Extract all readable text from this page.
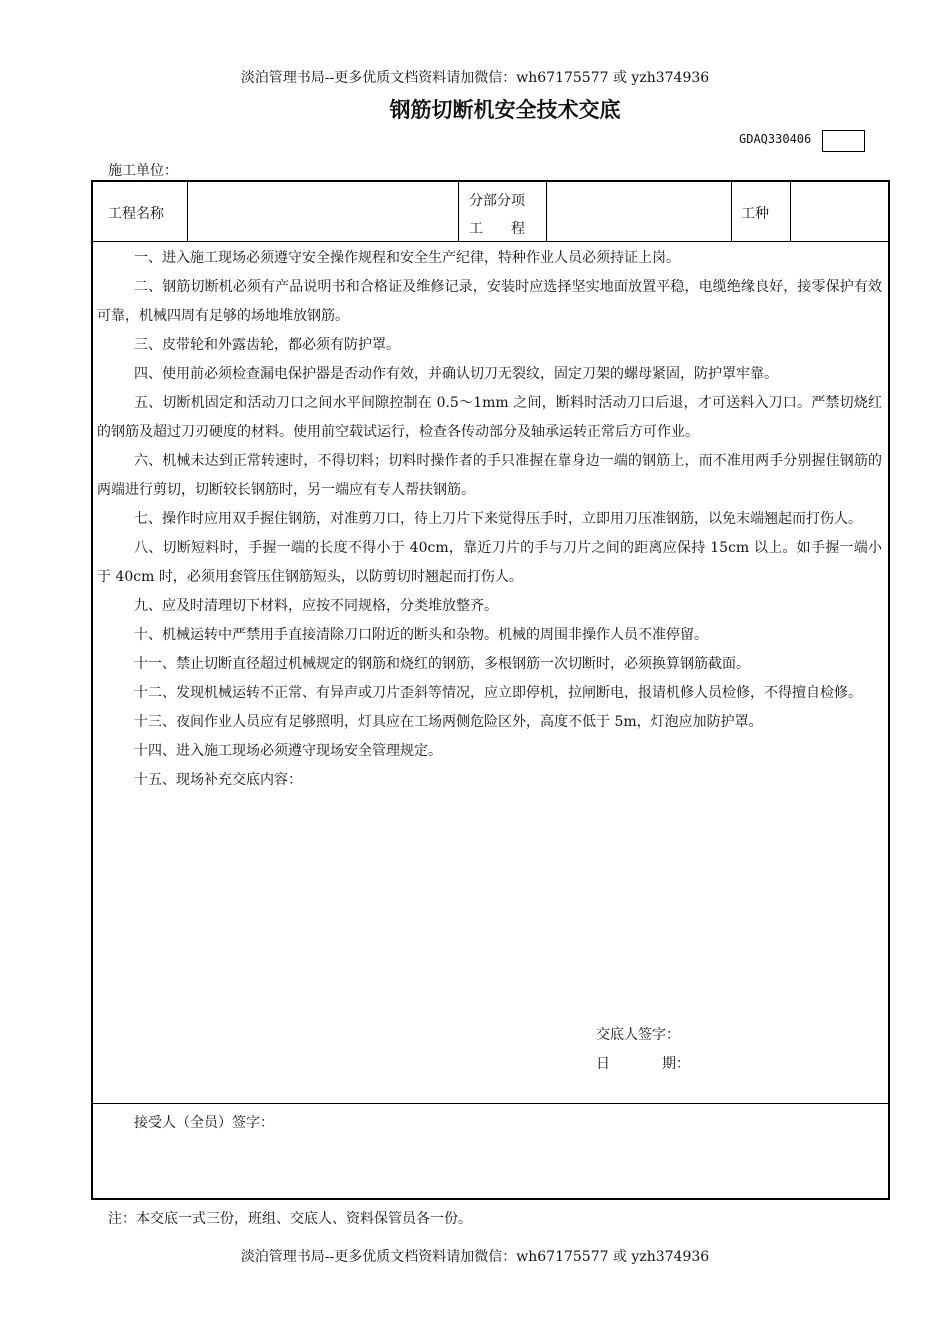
淡泊管理书局--更多优质文档资料请加微信：wh67175577 或 yzh374936
钢筋切断机安全技术交底
GDAQ330406
施工单位：
工程名称
分部分项
工　　程
工种

一、进入施工现场必须遵守安全操作规程和安全生产纪律，特种作业人员必须持证上岗。

二、钢筋切断机必须有产品说明书和合格证及维修记录，安装时应选择坚实地面放置平稳，电缆绝缘良好，接零保护有效可靠，机械四周有足够的场地堆放钢筋。

三、皮带轮和外露齿轮，都必须有防护罩。

四、使用前必须检查漏电保护器是否动作有效，并确认切刀无裂纹，固定刀架的螺母紧固，防护罩牢靠。

五、切断机固定和活动刀口之间水平间隙控制在 0.5～1mm 之间，断料时活动刀口后退，才可送料入刀口。严禁切烧红的钢筋及超过刀刃硬度的材料。使用前空载试运行，检查各传动部分及轴承运转正常后方可作业。

六、机械未达到正常转速时，不得切料；切料时操作者的手只准握在靠身边一端的钢筋上，而不准用两手分别握住钢筋的两端进行剪切，切断较长钢筋时，另一端应有专人帮扶钢筋。

七、操作时应用双手握住钢筋，对准剪刀口，待上刀片下来觉得压手时，立即用刀压准钢筋，以免末端翘起而打伤人。

八、切断短料时，手握一端的长度不得小于 40cm，靠近刀片的手与刀片之间的距离应保持 15cm 以上。如手握一端小于 40cm 时，必须用套管压住钢筋短头，以防剪切时翘起而打伤人。

九、应及时清理切下材料，应按不同规格，分类堆放整齐。

十、机械运转中严禁用手直接清除刀口附近的断头和杂物。机械的周围非操作人员不准停留。

十一、禁止切断直径超过机械规定的钢筋和烧红的钢筋，多根钢筋一次切断时，必须换算钢筋截面。

十二、发现机械运转不正常、有异声或刀片歪斜等情况，应立即停机，拉闸断电，报请机修人员检修，不得擅自检修。

十三、夜间作业人员应有足够照明，灯具应在工场两侧危险区外，高度不低于 5m，灯泡应加防护罩。

十四、进入施工现场必须遵守现场安全管理规定。

十五、现场补充交底内容：

交底人签字：
日	期：
接受人（全员）签字：
注：本交底一式三份，班组、交底人、资料保管员各一份。
淡泊管理书局--更多优质文档资料请加微信：wh67175577 或 yzh374936
